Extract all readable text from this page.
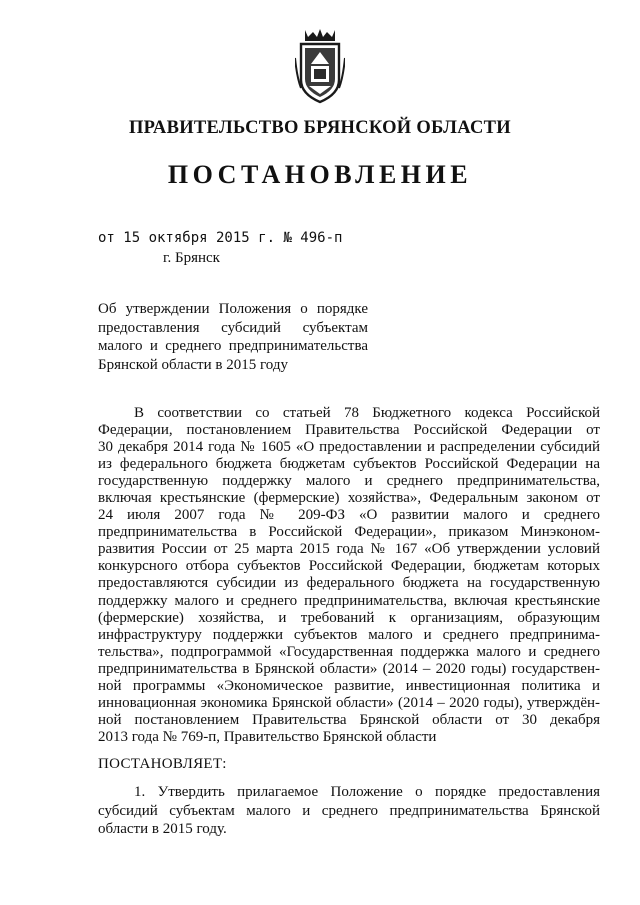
ПРАВИТЕЛЬСТВО БРЯНСКОЙ ОБЛАСТИ
ПОСТАНОВЛЕНИЕ
от 15 октября 2015 г. № 496-п
г. Брянск
Об утверждении Положения о порядке
предоставления субсидий субъектам
малого и среднего предпринимательства
Брянской области в 2015 году
В соответствии со статьей 78 Бюджетного кодекса Российской
Федерации, постановлением Правительства Российской Федерации от
30 декабря 2014 года № 1605 «О предоставлении и распределении субсидий
из федерального бюджета бюджетам субъектов Российской Федерации на
государственную поддержку малого и среднего предпринимательства,
включая крестьянские (фермерские) хозяйства», Федеральным законом от
24 июля 2007 года № 209-ФЗ «О развитии малого и среднего
предпринимательства в Российской Федерации», приказом Минэконом-
развития России от 25 марта 2015 года № 167 «Об утверждении условий
конкурсного отбора субъектов Российской Федерации, бюджетам которых
предоставляются субсидии из федерального бюджета на государственную
поддержку малого и среднего предпринимательства, включая крестьянские
(фермерские) хозяйства, и требований к организациям, образующим
инфраструктуру поддержки субъектов малого и среднего предпринима-
тельства», подпрограммой «Государственная поддержка малого и среднего
предпринимательства в Брянской области» (2014 – 2020 годы) государствен-
ной программы «Экономическое развитие, инвестиционная политика и
инновационная экономика Брянской области» (2014 – 2020 годы), утверждён-
ной постановлением Правительства Брянской области от 30 декабря
2013 года № 769-п, Правительство Брянской области
ПОСТАНОВЛЯЕТ:
1. Утвердить прилагаемое Положение о порядке предоставления
субсидий субъектам малого и среднего предпринимательства Брянской
области в 2015 году.
